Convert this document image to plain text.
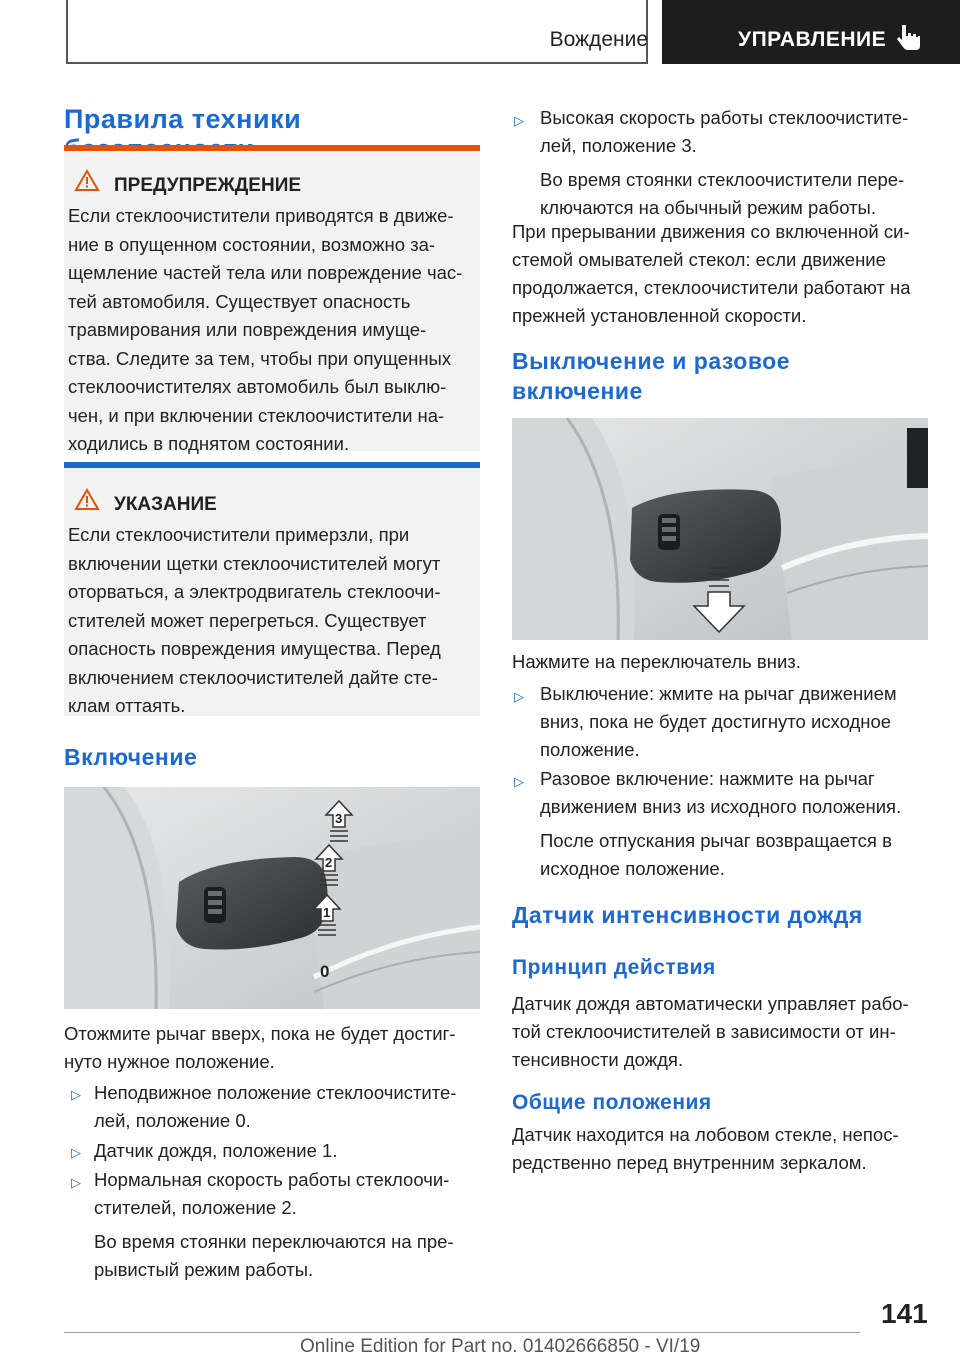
Вождение	УПРАВЛЕНИЕ
Правила техники
ПРЕДУПРЕЖДЕНИЕ
Если стеклоочистители приводятся в движе-
ние в опущенном состоянии, возможно за-
щемление частей тела или повреждение час-
тей автомобиля. Существует опасность
травмирования или повреждения имуще-
ства. Следите за тем, чтобы при опущенных
стеклоочистителях автомобиль был выклю-
чен, и при включении стеклоочистители на-
ходились в поднятом состоянии.
УКАЗАНИЕ
Если стеклоочистители примерзли, при
включении щетки стеклоочистителей могут
оторваться, а электродвигатель стеклоочи-
стителей может перегреться. Существует
опасность повреждения имущества. Перед
включением стеклоочистителей дайте сте-
клам оттаять.
Включение
3
2
1
0
Отожмите рычаг вверх, пока не будет достиг-
нуто нужное положение.
▷ Неподвижное положение стеклоочистите-
лей, положение 0.
▷ Датчик дождя, положение 1.
▷ Нормальная скорость работы стеклоочи-
стителей, положение 2.
Во время стоянки переключаются на пре-
рывистый режим работы.
▷ Высокая скорость работы стеклоочистите-
лей, положение 3.
Во время стоянки стеклоочистители пере-
ключаются на обычный режим работы.
При прерывании движения со включенной си-
стемой омывателей стекол: если движение
продолжается, стеклоочистители работают на
прежней установленной скорости.
Выключение и разовое
включение
Нажмите на переключатель вниз.
▷ Выключение: жмите на рычаг движением
вниз, пока не будет достигнуто исходное
положение.
▷ Разовое включение: нажмите на рычаг
движением вниз из исходного положения.
После отпускания рычаг возвращается в
исходное положение.
Датчик интенсивности дождя
Принцип действия
Датчик дождя автоматически управляет рабо-
той стеклоочистителей в зависимости от ин-
тенсивности дождя.
Общие положения
Датчик находится на лобовом стекле, непос-
редственно перед внутренним зеркалом.
141
Online Edition for Part no. 01402666850 - VI/19
